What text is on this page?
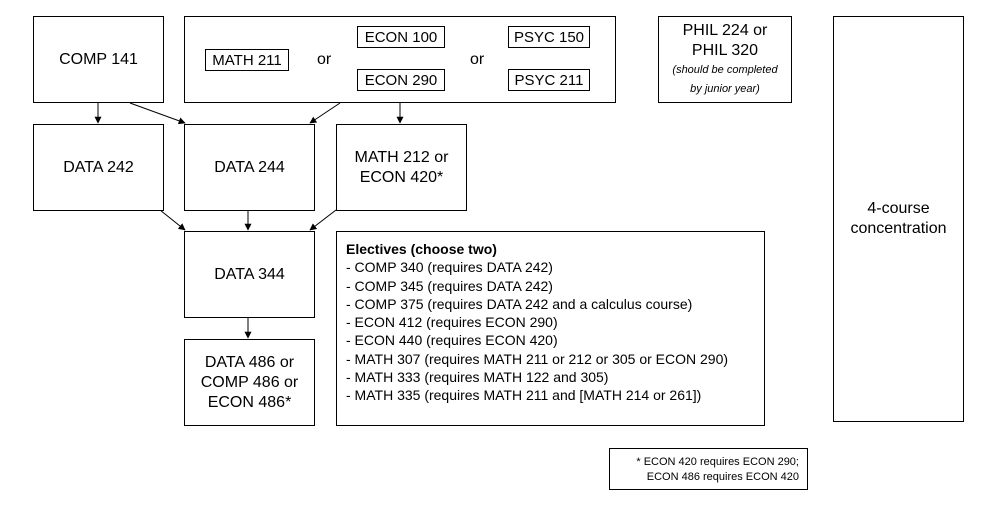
COMP 141	MATH 211 or
ECON 100
ECON 290
or
PSYC 150
PSYC 211
PHIL 224 or
PHIL 320
(should be completed
by junior year)
4-course
concentration
DATA 242	DATA 244
MATH 212 or
ECON 420*
DATA 344
Electives (choose two)
- COMP 340 (requires DATA 242)
- COMP 345 (requires DATA 242)
- COMP 375 (requires DATA 242 and a calculus course)
- ECON 412 (requires ECON 290)
- ECON 440 (requires ECON 420)
- MATH 307 (requires MATH 211 or 212 or 305 or ECON 290)
- MATH 333 (requires MATH 122 and 305)
- MATH 335 (requires MATH 211 and [MATH 214 or 261])
DATA 486 or
COMP 486 or
ECON 486*
* ECON 420 requires ECON 290;
ECON 486 requires ECON 420
